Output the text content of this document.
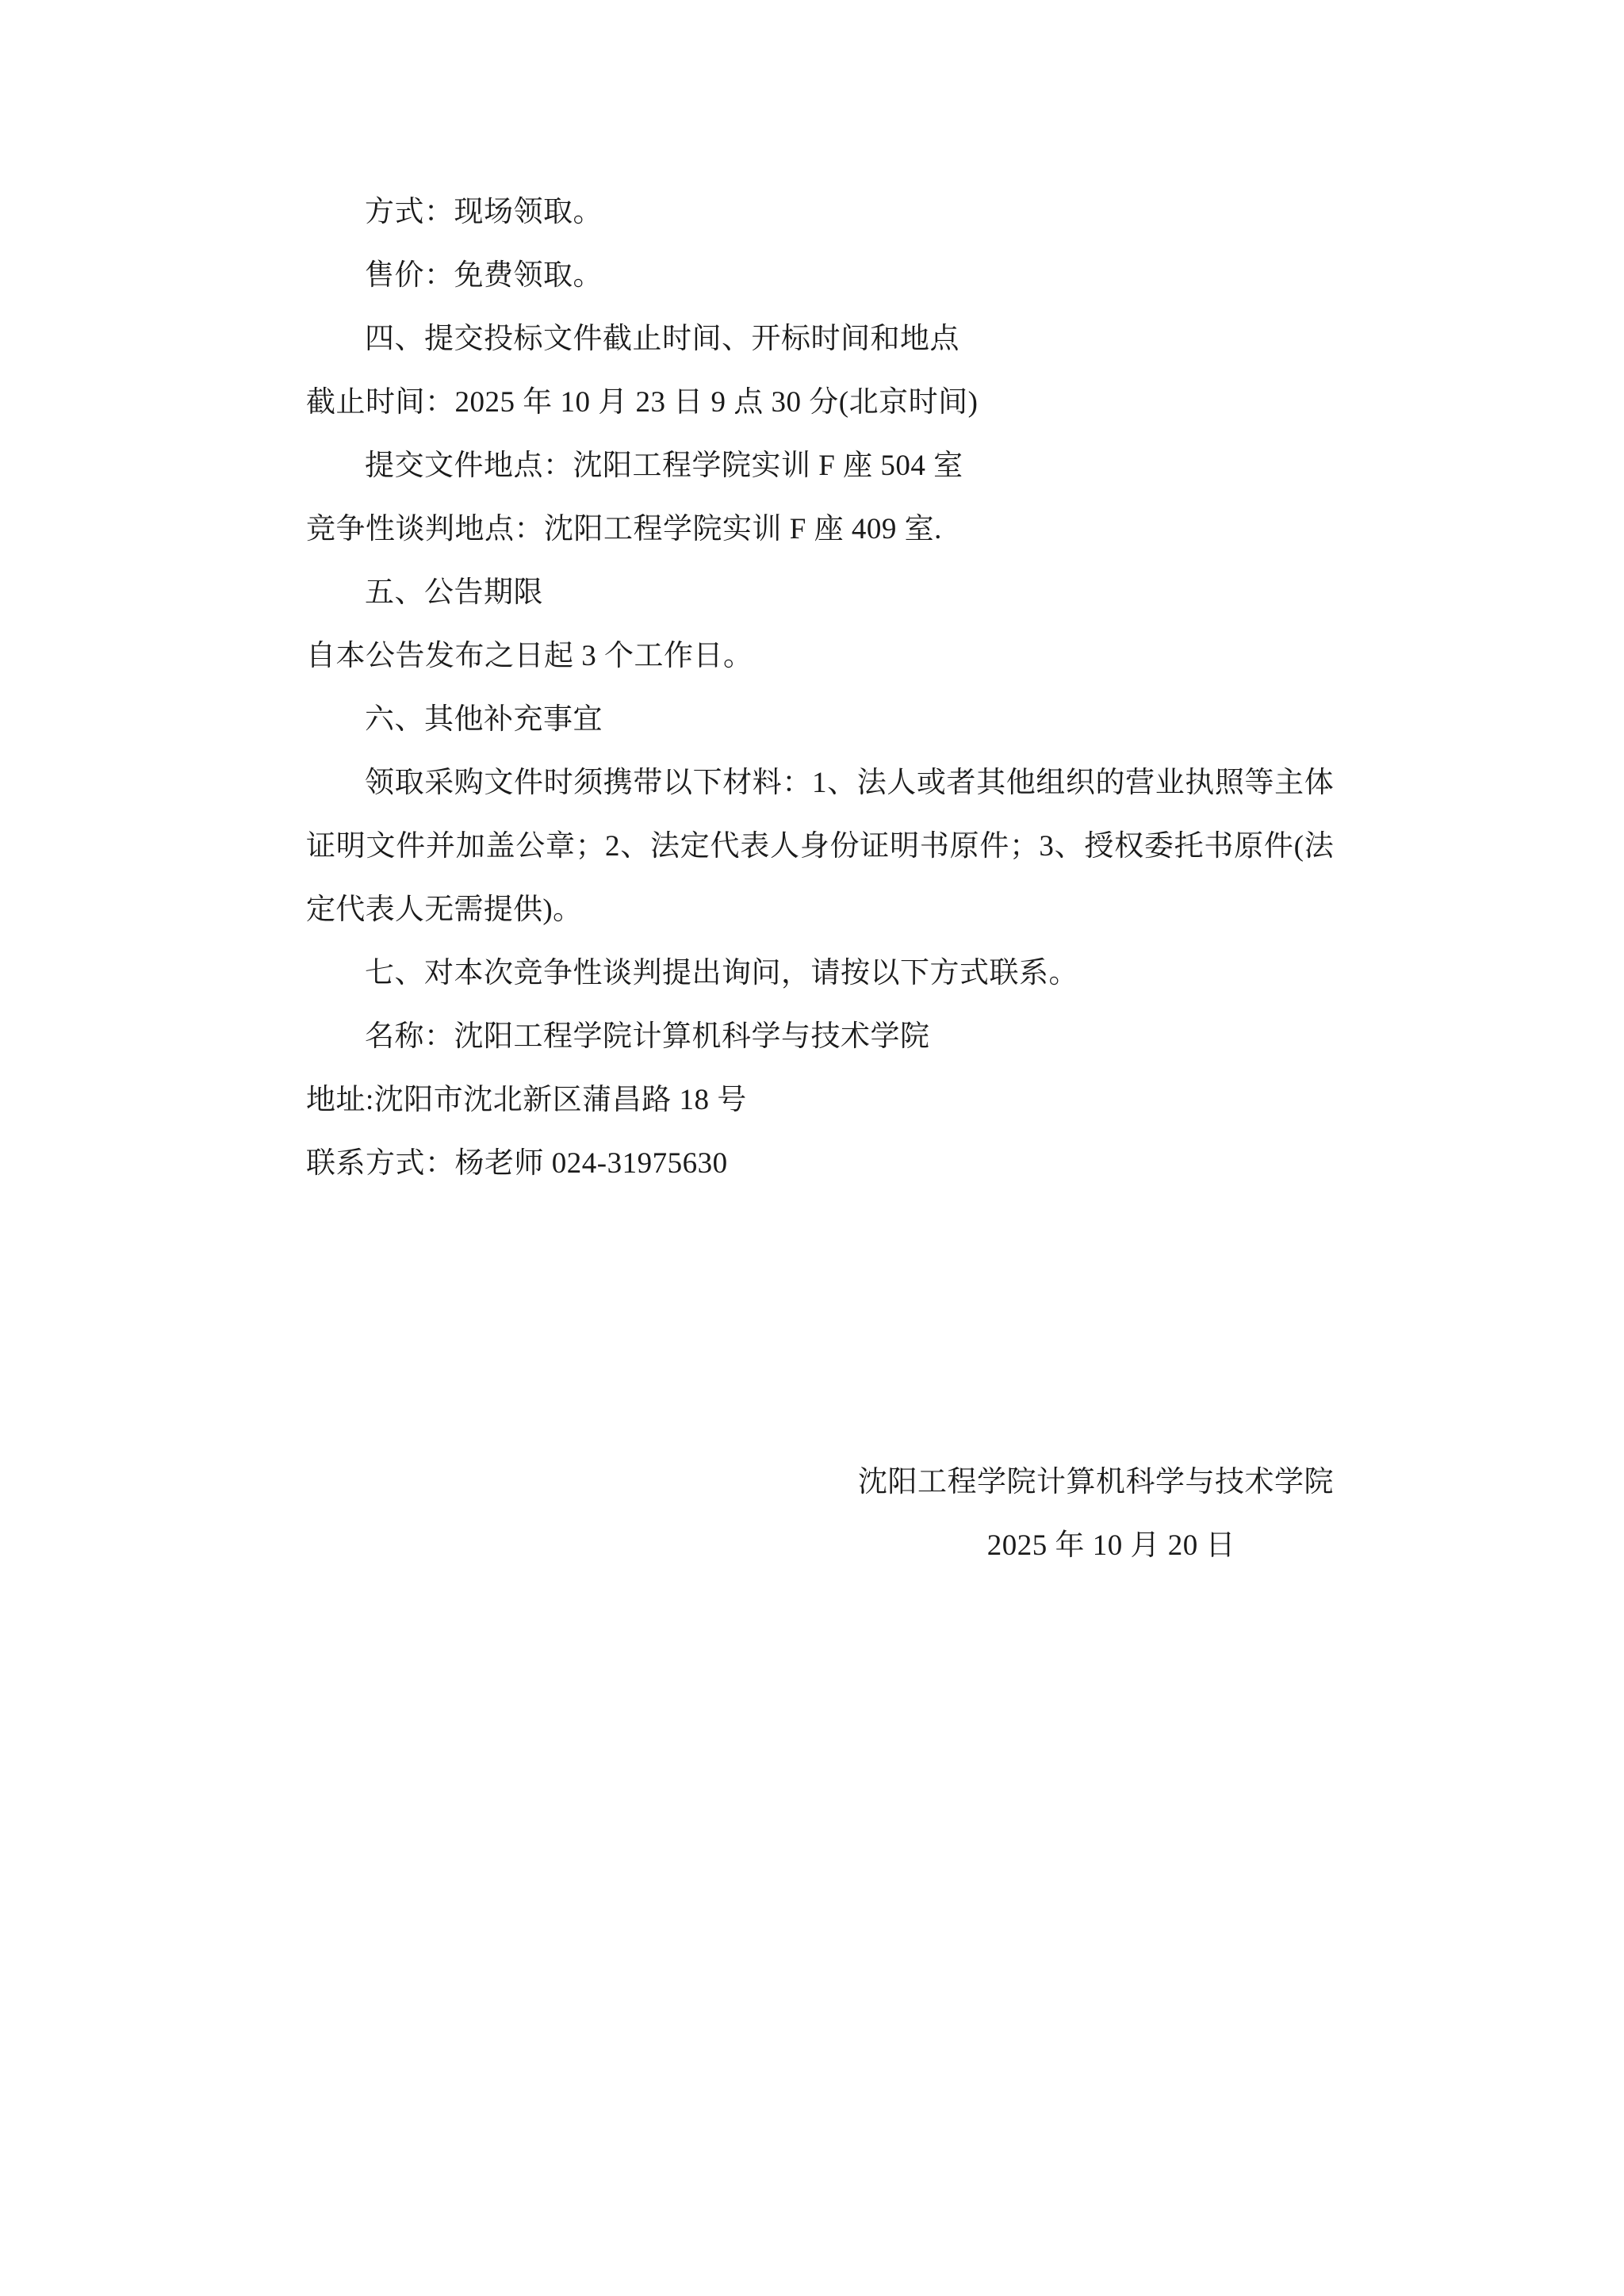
方式：现场领取。
售价：免费领取。
四、提交投标文件截止时间、开标时间和地点
截止时间：2025 年 10 月 23 日 9 点 30 分(北京时间)
提交文件地点：沈阳工程学院实训 F 座 504 室
竞争性谈判地点：沈阳工程学院实训 F 座 409 室.
五、公告期限
自本公告发布之日起 3 个工作日。
六、其他补充事宜
领取采购文件时须携带以下材料：1、法人或者其他组织的营业执照等主体证明文件并加盖公章；2、法定代表人身份证明书原件；3、授权委托书原件(法定代表人无需提供)。
七、对本次竞争性谈判提出询问，请按以下方式联系。
名称：沈阳工程学院计算机科学与技术学院
地址:沈阳市沈北新区蒲昌路 18 号
联系方式：杨老师 024-31975630
沈阳工程学院计算机科学与技术学院
2025 年 10 月 20 日
